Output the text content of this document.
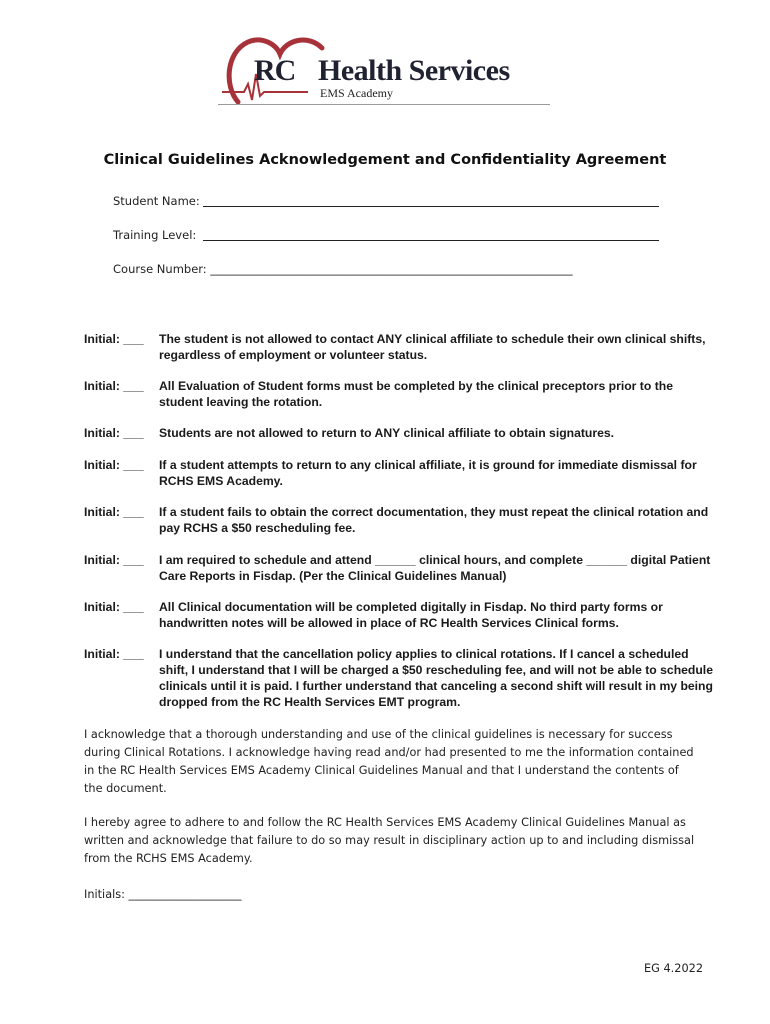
RC Health Services
EMS Academy
Clinical Guidelines Acknowledgement and Confidentiality Agreement
Student Name:
Training Level:
Course Number: _______________________________________________________________
Initial: ___ The student is not allowed to contact ANY clinical affiliate to schedule their own clinical shifts, regardless of employment or volunteer status.
Initial: ___ All Evaluation of Student forms must be completed by the clinical preceptors prior to the student leaving the rotation.
Initial: ___ Students are not allowed to return to ANY clinical affiliate to obtain signatures.
Initial: ___ If a student attempts to return to any clinical affiliate, it is ground for immediate dismissal for RCHS EMS Academy.
Initial: ___ If a student fails to obtain the correct documentation, they must repeat the clinical rotation and pay RCHS a $50 rescheduling fee.
Initial: ___ I am required to schedule and attend ______ clinical hours, and complete ______ digital Patient Care Reports in Fisdap. (Per the Clinical Guidelines Manual)
Initial: ___ All Clinical documentation will be completed digitally in Fisdap. No third party forms or handwritten notes will be allowed in place of RC Health Services Clinical forms.
Initial: ___ I understand that the cancellation policy applies to clinical rotations. If I cancel a scheduled shift, I understand that I will be charged a $50 rescheduling fee, and will not be able to schedule clinicals until it is paid. I further understand that canceling a second shift will result in my being dropped from the RC Health Services EMT program.
I acknowledge that a thorough understanding and use of the clinical guidelines is necessary for success during Clinical Rotations. I acknowledge having read and/or had presented to me the information contained in the RC Health Services EMS Academy Clinical Guidelines Manual and that I understand the contents of the document.
I hereby agree to adhere to and follow the RC Health Services EMS Academy Clinical Guidelines Manual as written and acknowledge that failure to do so may result in disciplinary action up to and including dismissal from the RCHS EMS Academy.
Initials: ____________________
EG 4.2022
